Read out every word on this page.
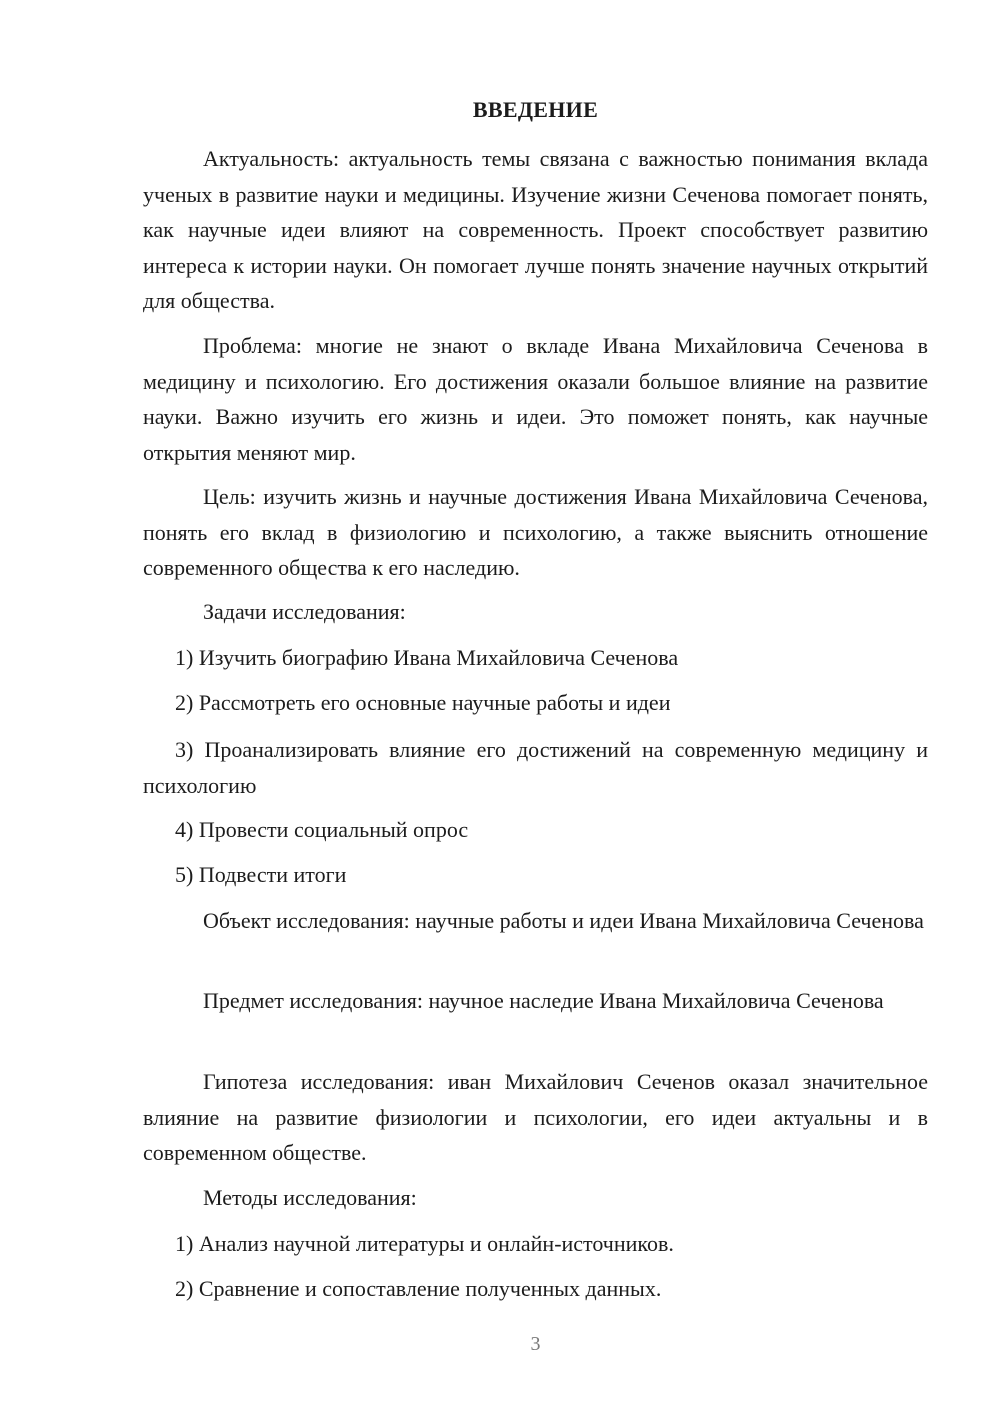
ВВЕДЕНИЕ

Актуальность: актуальность темы связана с важностью понимания вклада ученых в развитие науки и медицины. Изучение жизни Сеченова помогает понять, как научные идеи влияют на современность. Проект способствует развитию интереса к истории науки. Он помогает лучше понять значение научных открытий для общества.

Проблема: многие не знают о вкладе Ивана Михайловича Сеченова в медицину и психологию. Его достижения оказали большое влияние на развитие науки. Важно изучить его жизнь и идеи. Это поможет понять, как научные открытия меняют мир.

Цель: изучить жизнь и научные достижения Ивана Михайловича Сеченова, понять его вклад в физиологию и психологию, а также выяснить отношение современного общества к его наследию.

Задачи исследования:

1) Изучить биографию Ивана Михайловича Сеченова

2) Рассмотреть его основные научные работы и идеи

3) Проанализировать влияние его достижений на современную медицину и психологию

4) Провести социальный опрос

5) Подвести итоги

Объект исследования: научные работы и идеи Ивана Михайловича Сеченова

Предмет исследования: научное наследие Ивана Михайловича Сеченова

Гипотеза исследования: иван Михайлович Сеченов оказал значительное влияние на развитие физиологии и психологии, его идеи актуальны и в современном обществе.

Методы исследования:

1) Анализ научной литературы и онлайн-источников.

2) Сравнение и сопоставление полученных данных.

3
